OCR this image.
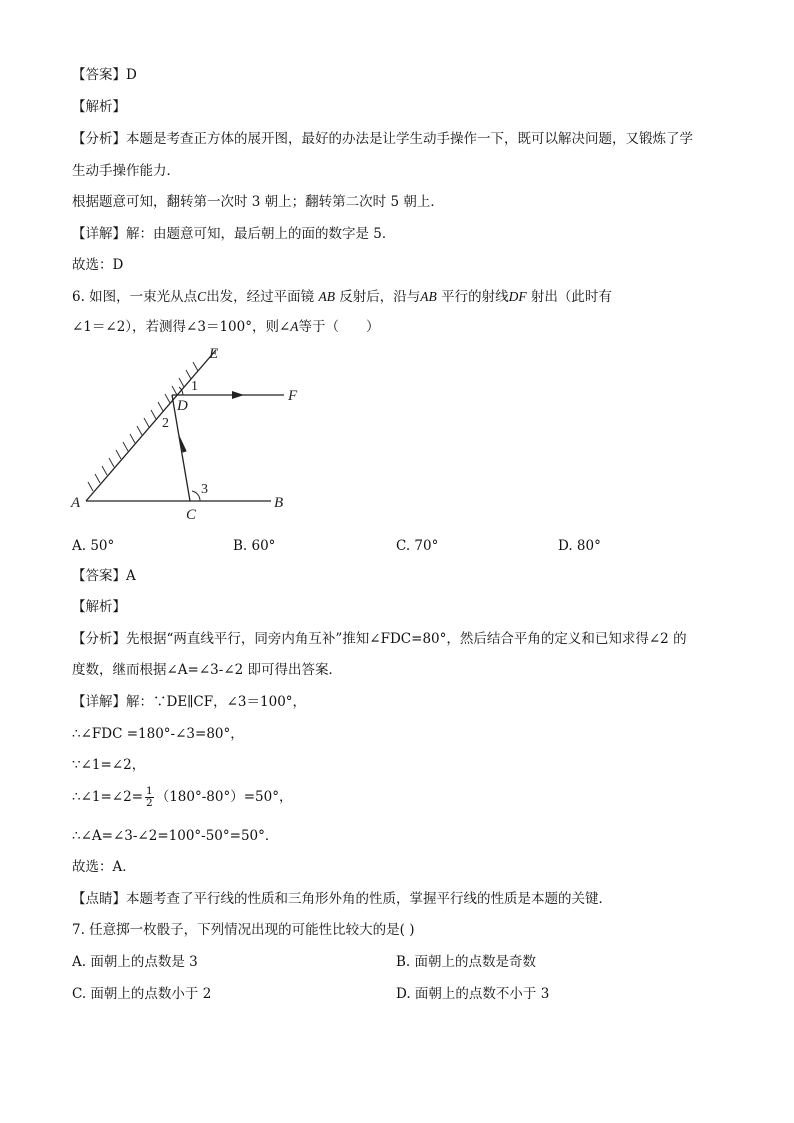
【答案】D
【解析】
【分析】本题是考查正方体的展开图，最好的办法是让学生动手操作一下，既可以解决问题，又锻炼了学
生动手操作能力．
根据题意可知，翻转第一次时 3 朝上；翻转第二次时 5 朝上．
【详解】解：由题意可知，最后朝上的面的数字是 5．
故选：D
6. 如图，一束光从点C出发，经过平面镜 AB 反射后，沿与AB 平行的射线DF 射出（此时有
∠1＝∠2），若测得∠3＝100°，则∠A等于（　　）
E
F
D
A	B
C
1
2
3
A. 50°	B. 60°	C. 70°	D. 80°
【答案】A
【解析】
【分析】先根据“两直线平行，同旁内角互补”推知∠FDC=80°，然后结合平角的定义和已知求得∠2 的
度数，继而根据∠A=∠3-∠2 即可得出答案．
【详解】解：∵DE∥CF，∠3＝100°，
∴∠FDC =180°-∠3=80°，
∵∠1=∠2，
∴∠1=∠2= $\frac{1}{2} (180^\circ-80^\circ)=50^\circ$，
∴∠A=∠3-∠2=100°-50°=50°．
故选：A．
【点睛】本题考查了平行线的性质和三角形外角的性质，掌握平行线的性质是本题的关键．
7. 任意掷一枚骰子，下列情况出现的可能性比较大的是( )
A. 面朝上的点数是 3	B. 面朝上的点数是奇数
C. 面朝上的点数小于 2	D. 面朝上的点数不小于 3
